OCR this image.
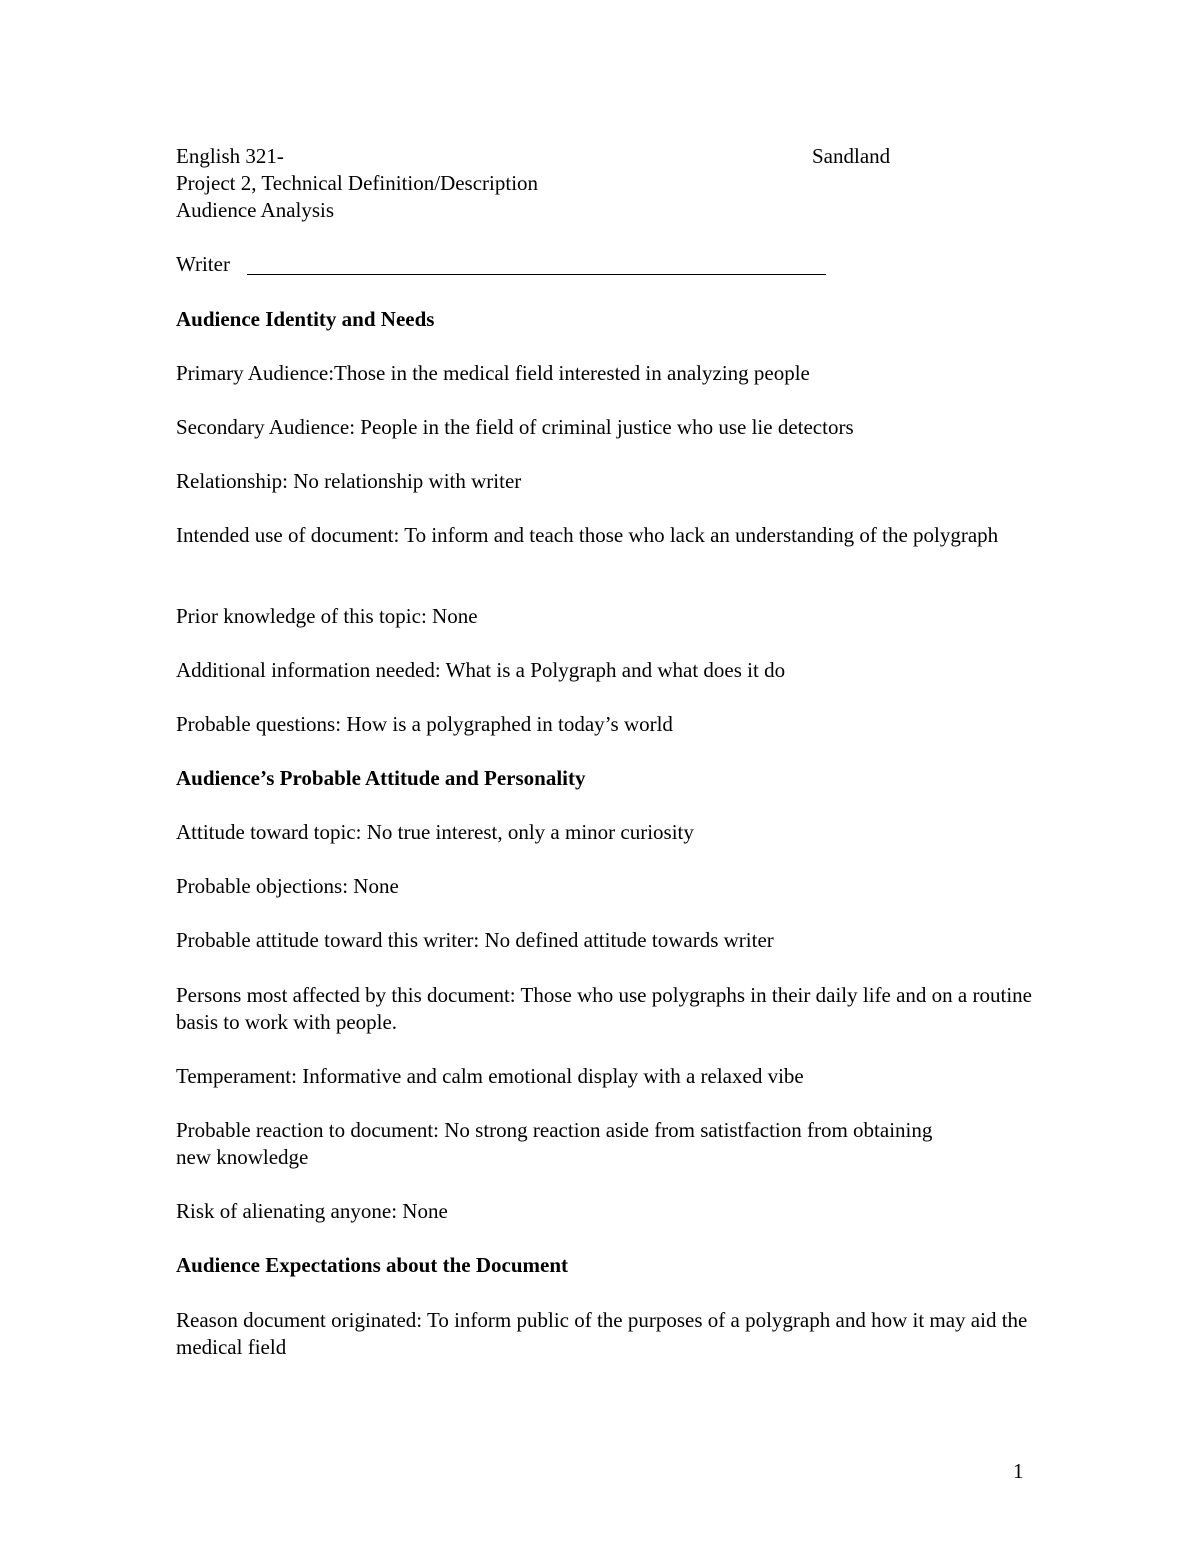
English 321-	Sandland
Project 2, Technical Definition/Description
Audience Analysis
Writer
Audience Identity and Needs
Primary Audience:Those in the medical field interested in analyzing people
Secondary Audience: People in the field of criminal justice who use lie detectors
Relationship: No relationship with writer
Intended use of document: To inform and teach those who lack an understanding of the polygraph
Prior knowledge of this topic: None
Additional information needed: What is a Polygraph and what does it do
Probable questions: How is a polygraphed in today’s world
Audience’s Probable Attitude and Personality
Attitude toward topic: No true interest, only a minor curiosity
Probable objections: None
Probable attitude toward this writer: No defined attitude towards writer
Persons most affected by this document: Those who use polygraphs in their daily life and on a routine basis to work with people.
Temperament: Informative and calm emotional display with a relaxed vibe
Probable reaction to document: No strong reaction aside from satistfaction from obtaining new knowledge
Risk of alienating anyone: None
Audience Expectations about the Document
Reason document originated: To inform public of the purposes of a polygraph and how it may aid the medical field
1
